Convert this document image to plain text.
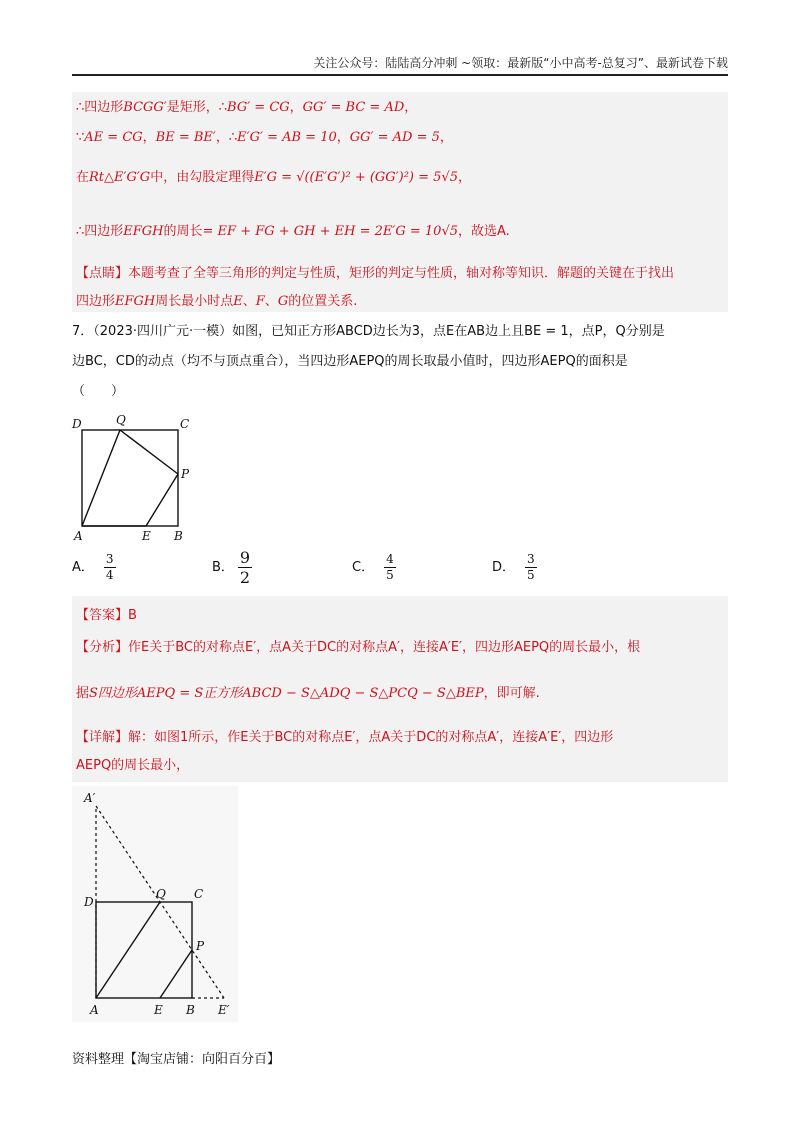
关注公众号：陆陆高分冲刺 ~领取：最新版“小中高考-总复习”、最新试卷下载
∴四边形BCGG′是矩形，∴BG′ = CG，GG′ = BC = AD，
∵AE = CG，BE = BE′，∴E′G′ = AB = 10，GG′ = AD = 5，
在Rt△E′G′G中，由勾股定理得E′G = √((E′G′)² + (GG′)²) = 5√5，
∴四边形EFGH的周长= EF + FG + GH + EH = 2E′G = 10√5，故选A.
【点睛】本题考查了全等三角形的判定与性质，矩形的判定与性质，轴对称等知识．解题的关键在于找出
四边形EFGH周长最小时点E、F、G的位置关系.
7．（2023·四川广元·一模）如图，已知正方形ABCD边长为3，点E在AB边上且BE = 1，点P，Q分别是
边BC，CD的动点（均不与顶点重合），当四边形AEPQ的周长取最小值时，四边形AEPQ的面积是
（　　）
D	Q	C
P
A	E B
A． $\frac{3}{4}$	B． $\frac{9}{2}$	C． $\frac{4}{5}$	D． $\frac{3}{5}$
【答案】B
【分析】作E关于BC的对称点E′，点A关于DC的对称点A′，连接A′E′，四边形AEPQ的周长最小，根
据S四边形AEPQ = S正方形ABCD − S△ADQ − S△PCQ − S△BEP，即可解.
【详解】解：如图1所示，作E关于BC的对称点E′，点A关于DC的对称点A′，连接A′E′，四边形
AEPQ的周长最小，
A′
D
Q C
P
A	E B E′
资料整理【淘宝店铺：向阳百分百】
